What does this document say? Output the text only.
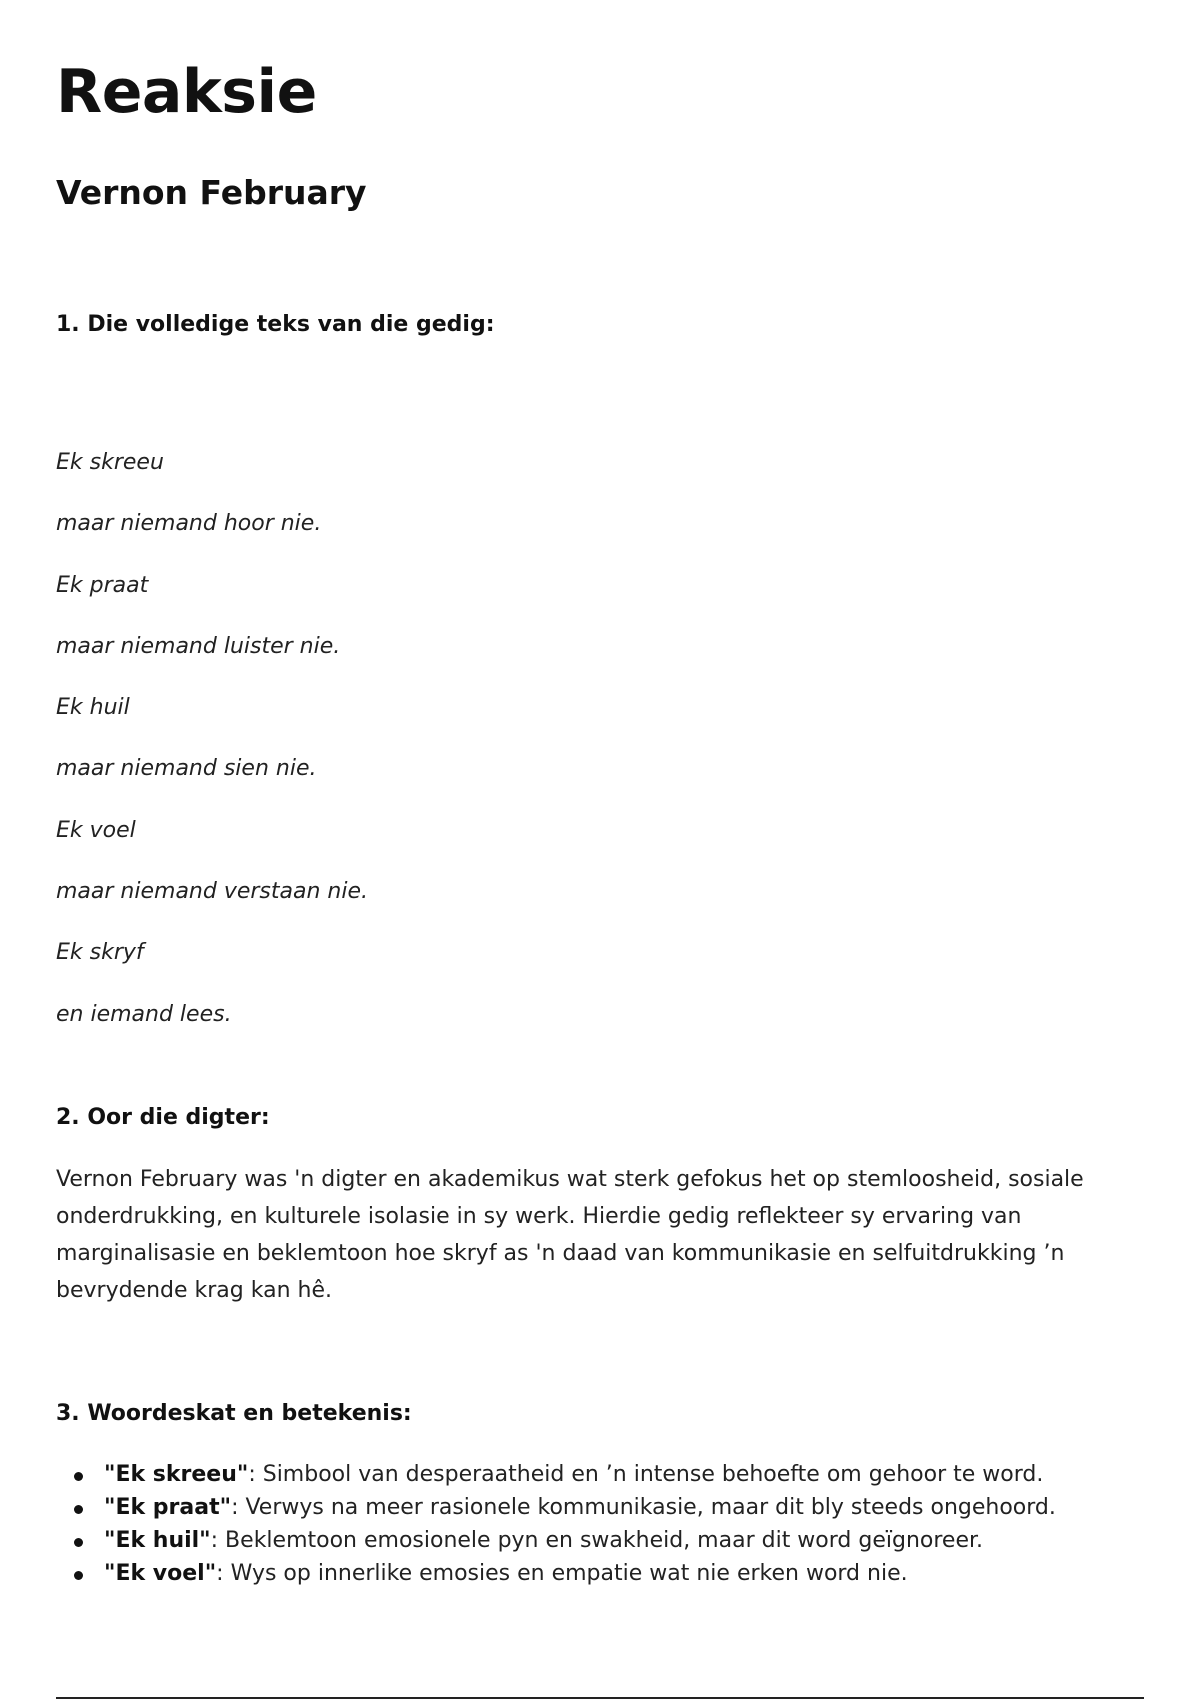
Reaksie
Vernon February
1. Die volledige teks van die gedig:
Ek skreeu
maar niemand hoor nie.
Ek praat
maar niemand luister nie.
Ek huil
maar niemand sien nie.
Ek voel
maar niemand verstaan nie.
Ek skryf
en iemand lees.
2. Oor die digter:

Vernon February was 'n digter en akademikus wat sterk gefokus het op stemloosheid, sosiale onderdrukking, en kulturele isolasie in sy werk. Hierdie gedig reflekteer sy ervaring van marginalisasie en beklemtoon hoe skryf as 'n daad van kommunikasie en selfuitdrukking ’n bevrydende krag kan hê.

3. Woordeskat en betekenis:
"Ek skreeu": Simbool van desperaatheid en ’n intense behoefte om gehoor te word.
"Ek praat": Verwys na meer rasionele kommunikasie, maar dit bly steeds ongehoord.
"Ek huil": Beklemtoon emosionele pyn en swakheid, maar dit word geïgnoreer.
"Ek voel": Wys op innerlike emosies en empatie wat nie erken word nie.
